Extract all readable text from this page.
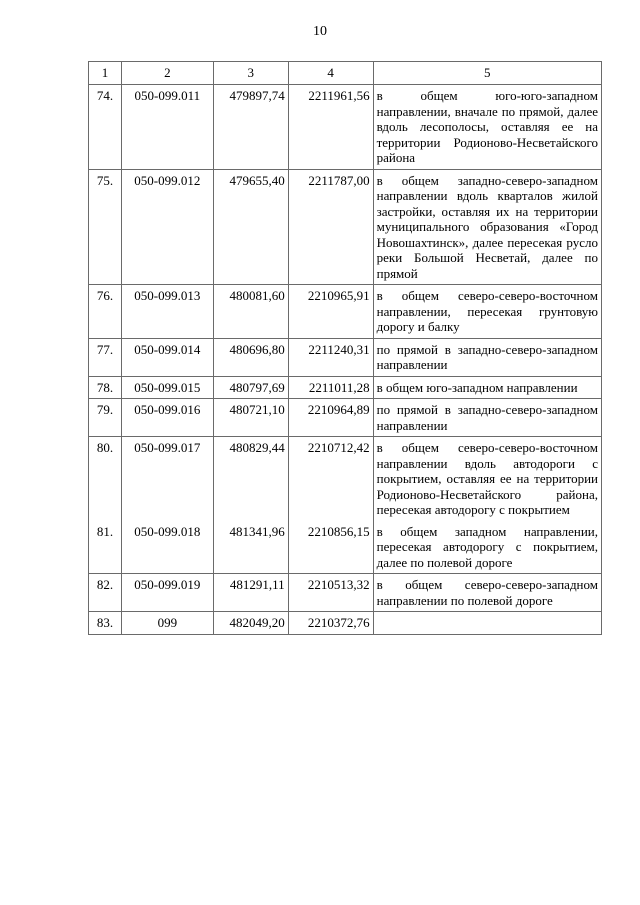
10
1	2	3	4	5
74.	050-099.011	479897,74	2211961,56	в общем юго-юго-западном направлении, вначале по прямой, далее вдоль лесополосы, оставляя ее на территории Родионово-Несветайского района
75.	050-099.012	479655,40	2211787,00	в общем западно-северо-западном направлении вдоль кварталов жилой застройки, оставляя их на территории муниципального образования «Город Новошахтинск», далее пересекая русло реки Большой Несветай, далее по прямой
76.	050-099.013	480081,60	2210965,91	в общем северо-северо-восточном направлении, пересекая грунтовую дорогу и балку
77.	050-099.014	480696,80	2211240,31	по прямой в западно-северо-западном направлении
78.	050-099.015	480797,69	2211011,28	в общем юго-западном направлении
79.	050-099.016	480721,10	2210964,89	по прямой в западно-северо-западном направлении
80.	050-099.017	480829,44	2210712,42	в общем северо-северо-восточном направлении вдоль автодороги с покрытием, оставляя ее на территории Родионово-Несветайского района, пересекая автодорогу с покрытием
81.	050-099.018	481341,96	2210856,15	в общем западном направлении, пересекая автодорогу с покрытием, далее по полевой дороге
82.	050-099.019	481291,11	2210513,32	в общем северо-северо-западном направлении по полевой дороге
83.	099	482049,20	2210372,76	
